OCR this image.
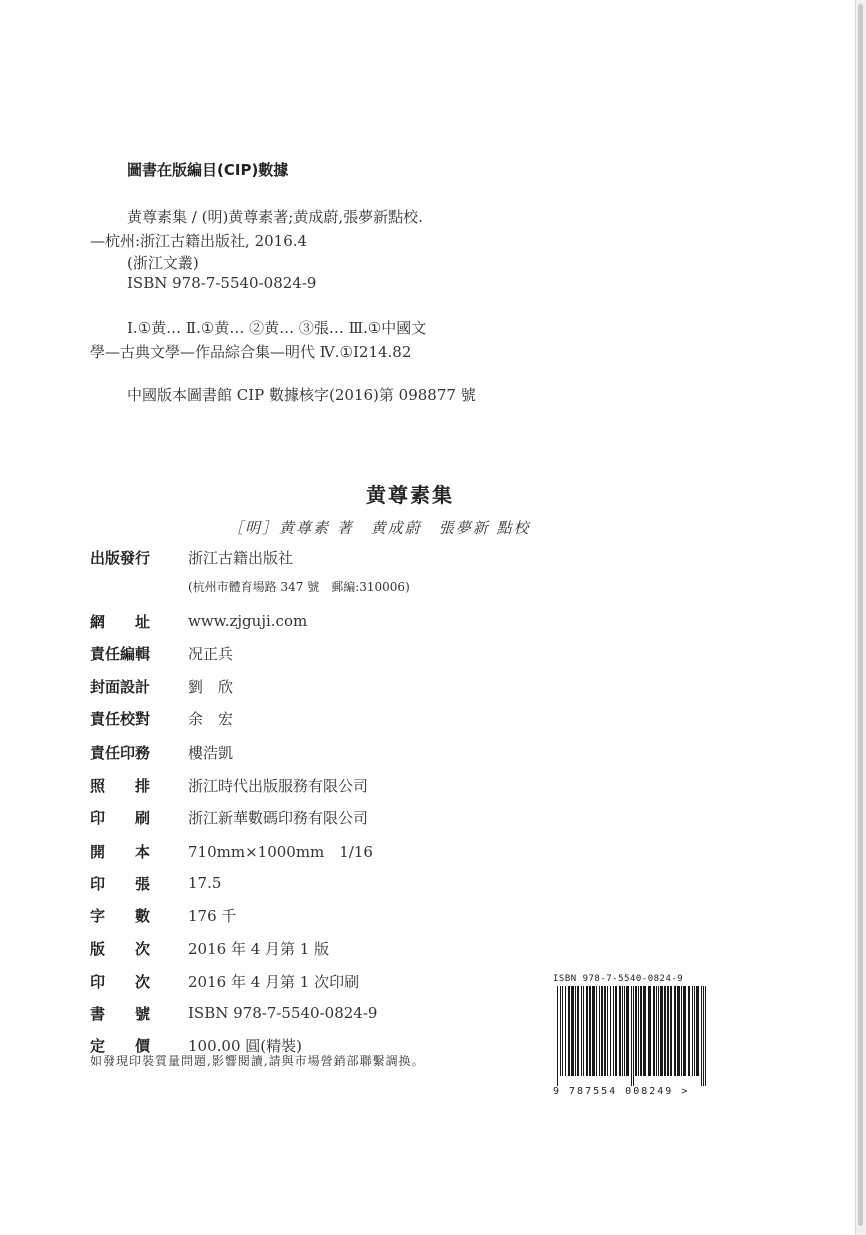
圖書在版編目(CIP)數據
黄尊素集 / (明)黄尊素著;黄成蔚,張夢新點校.
—杭州:浙江古籍出版社, 2016.4
(浙江文叢)
ISBN 978-7-5540-0824-9
Ⅰ.①黄… Ⅱ.①黄… ②黄… ③張… Ⅲ.①中國文
學—古典文學—作品綜合集—明代 Ⅳ.①I214.82
中國版本圖書館 CIP 數據核字(2016)第 098877 號
黄尊素集
［明］黄尊素 著　黄成蔚　張夢新 點校
出版發行	浙江古籍出版社
網　　址	www.zjguji.com
責任編輯	况正兵
封面設計	劉　欣
責任校對	余　宏
責任印務	樓浩凱
照　　排	浙江時代出版服務有限公司
印　　刷	浙江新華數碼印務有限公司
開　　本	710mm×1000mm　1/16
印　　張	17.5
字　　數	176 千
版　　次	2016 年 4 月第 1 版
印　　次	2016 年 4 月第 1 次印刷
書　　號	ISBN 978-7-5540-0824-9
定　　價	100.00 圓(精裝)
(杭州市體育場路 347 號　郵編:310006)
如發現印裝質量問題,影響閱讀,請與市場營銷部聯繫調换。
ISBN 978-7-5540-0824-9
9 787554 008249 >
